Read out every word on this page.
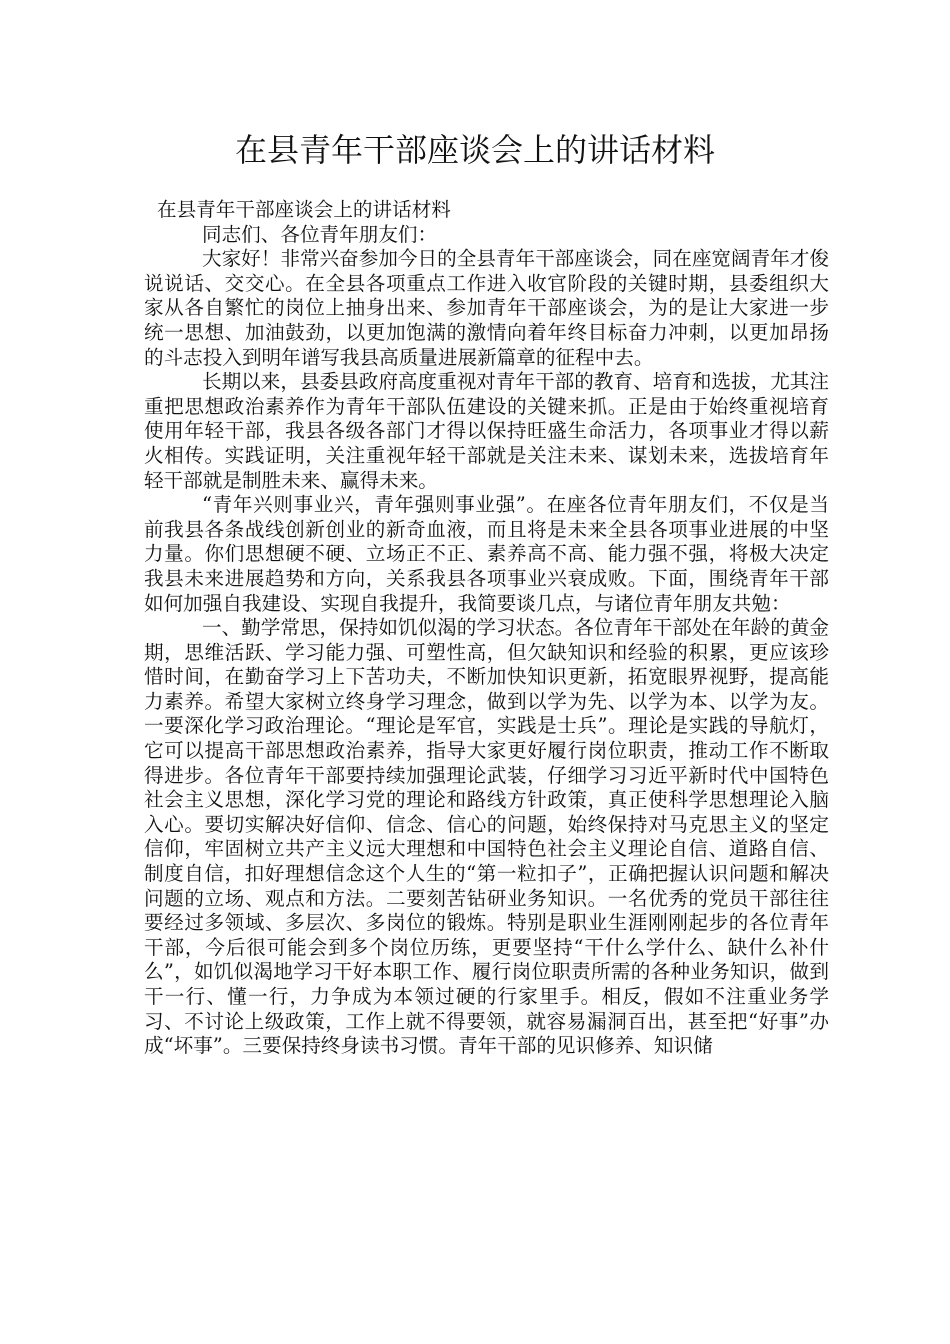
在县青年干部座谈会上的讲话材料

在县青年干部座谈会上的讲话材料

同志们、各位青年朋友们：

大家好！非常兴奋参加今日的全县青年干部座谈会，同在座宽阔青年才俊说说话、交交心。在全县各项重点工作进入收官阶段的关键时期，县委组织大家从各自繁忙的岗位上抽身出来、参加青年干部座谈会，为的是让大家进一步统一思想、加油鼓劲，以更加饱满的激情向着年终目标奋力冲刺，以更加昂扬的斗志投入到明年谱写我县高质量进展新篇章的征程中去。

长期以来，县委县政府高度重视对青年干部的教育、培育和选拔，尤其注重把思想政治素养作为青年干部队伍建设的关键来抓。正是由于始终重视培育使用年轻干部，我县各级各部门才得以保持旺盛生命活力，各项事业才得以薪火相传。实践证明，关注重视年轻干部就是关注未来、谋划未来，选拔培育年轻干部就是制胜未来、赢得未来。

“青年兴则事业兴，青年强则事业强”。在座各位青年朋友们，不仅是当前我县各条战线创新创业的新奇血液，而且将是未来全县各项事业进展的中坚力量。你们思想硬不硬、立场正不正、素养高不高、能力强不强，将极大决定我县未来进展趋势和方向，关系我县各项事业兴衰成败。下面，围绕青年干部如何加强自我建设、实现自我提升，我简要谈几点，与诸位青年朋友共勉：

一、勤学常思，保持如饥似渴的学习状态。各位青年干部处在年龄的黄金期，思维活跃、学习能力强、可塑性高，但欠缺知识和经验的积累，更应该珍惜时间，在勤奋学习上下苦功夫，不断加快知识更新，拓宽眼界视野，提高能力素养。希望大家树立终身学习理念，做到以学为先、以学为本、以学为友。一要深化学习政治理论。“理论是军官，实践是士兵”。理论是实践的导航灯，它可以提高干部思想政治素养，指导大家更好履行岗位职责，推动工作不断取得进步。各位青年干部要持续加强理论武装，仔细学习习近平新时代中国特色社会主义思想，深化学习党的理论和路线方针政策，真正使科学思想理论入脑入心。要切实解决好信仰、信念、信心的问题，始终保持对马克思主义的坚定信仰，牢固树立共产主义远大理想和中国特色社会主义理论自信、道路自信、制度自信，扣好理想信念这个人生的“第一粒扣子”，正确把握认识问题和解决问题的立场、观点和方法。二要刻苦钻研业务知识。一名优秀的党员干部往往要经过多领域、多层次、多岗位的锻炼。特别是职业生涯刚刚起步的各位青年干部，今后很可能会到多个岗位历练，更要坚持“干什么学什么、缺什么补什么”，如饥似渴地学习干好本职工作、履行岗位职责所需的各种业务知识，做到干一行、懂一行，力争成为本领过硬的行家里手。相反，假如不注重业务学习、不讨论上级政策，工作上就不得要领，就容易漏洞百出，甚至把“好事”办成“坏事”。三要保持终身读书习惯。青年干部的见识修养、知识储
